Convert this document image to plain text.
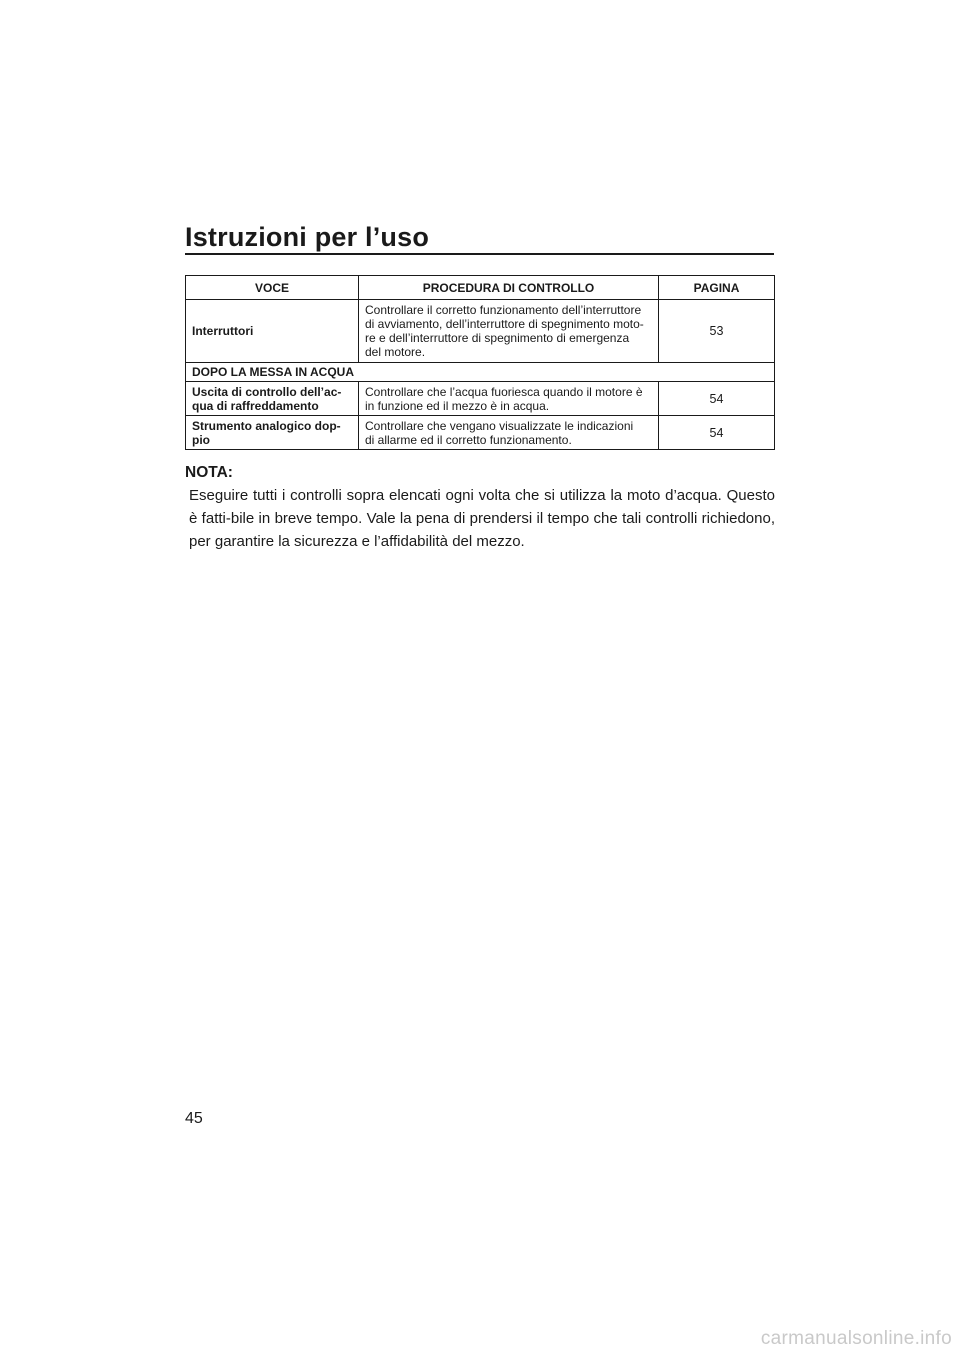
Istruzioni per l’uso
VOCE	PROCEDURA DI CONTROLLO	PAGINA
Interruttori	Controllare il corretto funzionamento dell’interruttore
di avviamento, dell’interruttore di spegnimento moto-
re e dell’interruttore di spegnimento di emergenza
del motore.	53
DOPO LA MESSA IN ACQUA		
Uscita di controllo dell’ac-
qua di raffreddamento	Controllare che l’acqua fuoriesca quando il motore è
in funzione ed il mezzo è in acqua.	54
Strumento analogico dop-
pio	Controllare che vengano visualizzate le indicazioni
di allarme ed il corretto funzionamento.	54

NOTA:

Eseguire tutti i controlli sopra elencati ogni volta che si utilizza la moto d’acqua. Questo è fatti-bile in breve tempo. Vale la pena di prendersi il tempo che tali controlli richiedono, per garantire la sicurezza e l’affidabilità del mezzo.

45
carmanualsonline.info
